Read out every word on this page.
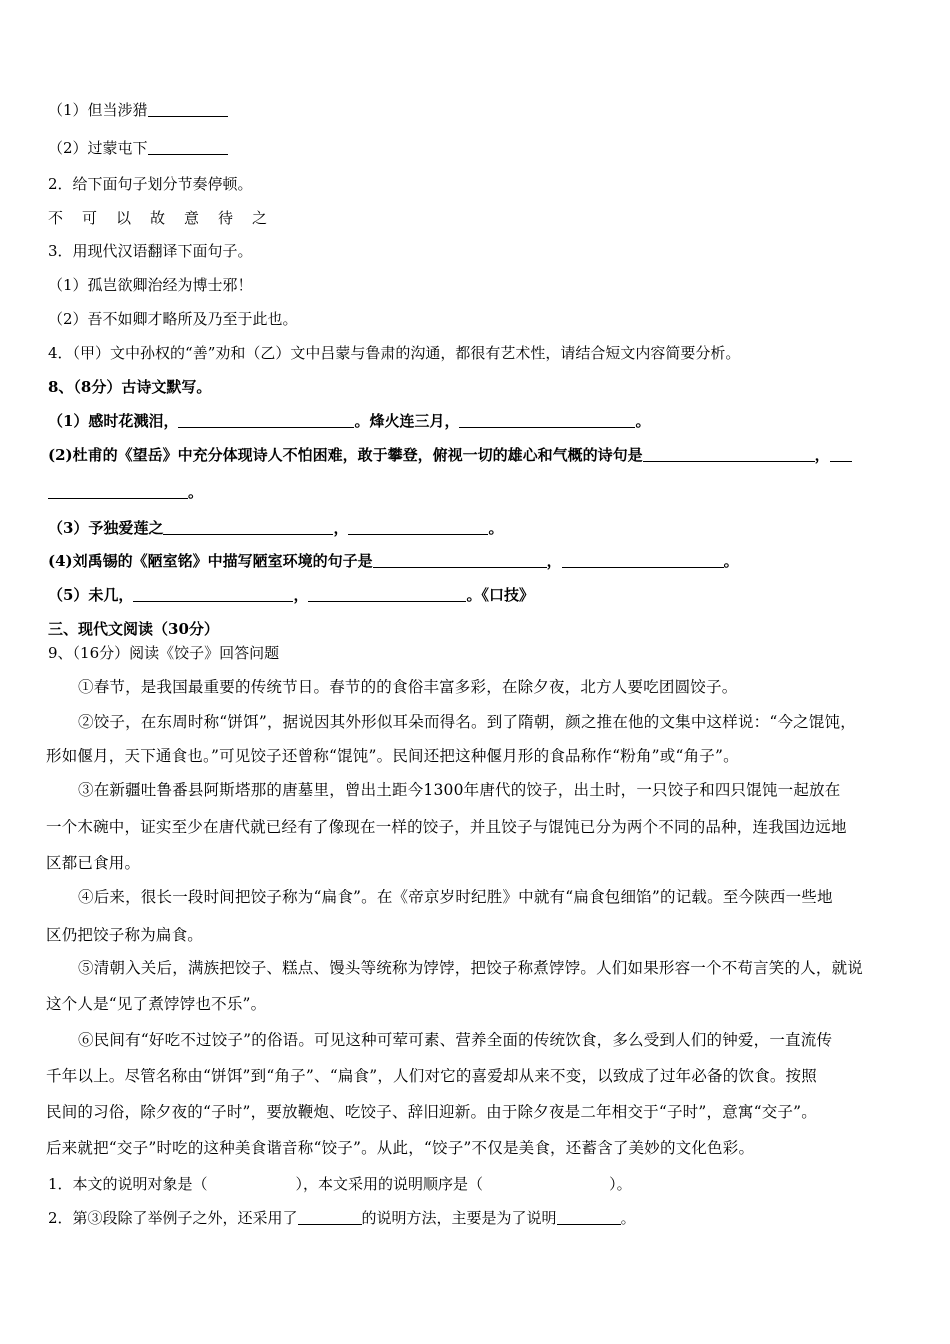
（1）但当涉猎
（2）过蒙屯下
2．给下面句子划分节奏停顿。
不 可 以 故 意 待 之
3．用现代汉语翻译下面句子。
（1）孤岂欲卿治经为博士邪！
（2）吾不如卿才略所及乃至于此也。
4．（甲）文中孙权的“善”劝和（乙）文中吕蒙与鲁肃的沟通，都很有艺术性，请结合短文内容简要分析。
8、（8分）古诗文默写。
（1）感时花溅泪，	。烽火连三月，	。
(2)杜甫的《望岳》中充分体现诗人不怕困难，敢于攀登，俯视一切的雄心和气概的诗句是	，
。
（3）予独爱莲之	，	。
(4)刘禹锡的《陋室铭》中描写陋室环境的句子是	，	。
（5）未几，	，	。《口技》
三、现代文阅读（30分）
9、（16分）阅读《饺子》回答问题
①春节，是我国最重要的传统节日。春节的的食俗丰富多彩，在除夕夜，北方人要吃团圆饺子。
②饺子，在东周时称“饼饵”，据说因其外形似耳朵而得名。到了隋朝，颜之推在他的文集中这样说：“今之馄饨，
形如偃月，天下通食也。”可见饺子还曾称“馄饨”。民间还把这种偃月形的食品称作“粉角”或“角子”。
③在新疆吐鲁番县阿斯塔那的唐墓里，曾出土距今1300年唐代的饺子，出土时，一只饺子和四只馄饨一起放在
一个木碗中，证实至少在唐代就已经有了像现在一样的饺子，并且饺子与馄饨已分为两个不同的品种，连我国边远地
区都已食用。
④后来，很长一段时间把饺子称为“扁食”。在《帝京岁时纪胜》中就有“扁食包细馅”的记载。至今陕西一些地
区仍把饺子称为扁食。
⑤清朝入关后，满族把饺子、糕点、馒头等统称为饽饽，把饺子称煮饽饽。人们如果形容一个不苟言笑的人，就说
这个人是“见了煮饽饽也不乐”。
⑥民间有“好吃不过饺子”的俗语。可见这种可荤可素、营养全面的传统饮食，多么受到人们的钟爱，一直流传
千年以上。尽管名称由“饼饵”到“角子”、“扁食”，人们对它的喜爱却从来不变，以致成了过年必备的饮食。按照
民间的习俗，除夕夜的“子时”，要放鞭炮、吃饺子、辞旧迎新。由于除夕夜是二年相交于“子时”，意寓“交子”。
后来就把“交子”时吃的这种美食谐音称“饺子”。从此，“饺子”不仅是美食，还蓄含了美妙的文化色彩。
1．本文的说明对象是（	），本文采用的说明顺序是（	）。
2．第③段除了举例子之外，还采用了	的说明方法，主要是为了说明	。
